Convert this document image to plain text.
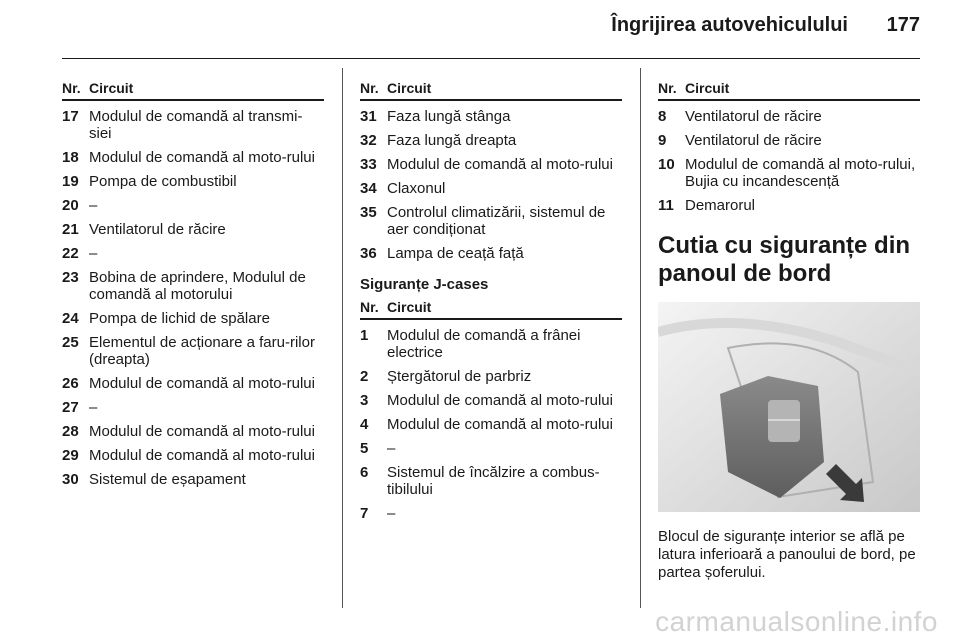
Îngrijirea autovehiculului 177
Nr. Circuit
17 Modulul de comandă al transmi-siei
18 Modulul de comandă al moto-rului
19 Pompa de combustibil
20 –
21 Ventilatorul de răcire
22 –
23 Bobina de aprindere, Modulul de comandă al motorului
24 Pompa de lichid de spălare
25 Elementul de acționare a faru-rilor (dreapta)
26 Modulul de comandă al moto-rului
27 –
28 Modulul de comandă al moto-rului
29 Modulul de comandă al moto-rului
30 Sistemul de eșapament
Nr. Circuit
31 Faza lungă stânga
32 Faza lungă dreapta
33 Modulul de comandă al moto-rului
34 Claxonul
35 Controlul climatizării, sistemul de aer condiționat
36 Lampa de ceață față
Siguranțe J-cases
Nr. Circuit
1	Modulul de comandă a frânei electrice
2	Ștergătorul de parbriz
3	Modulul de comandă al moto-rului
4	Modulul de comandă al moto-rului
5	–
6	Sistemul de încălzire a combus-tibilului
7	–
Nr. Circuit
8	Ventilatorul de răcire
9	Ventilatorul de răcire
10 Modulul de comandă al moto-rului, Bujia cu incandescență
11 Demarorul
Cutia cu siguranțe din panoul de bord
Blocul de siguranțe interior se află pe latura inferioară a panoului de bord, pe partea șoferului.
carmanualsonline.info
